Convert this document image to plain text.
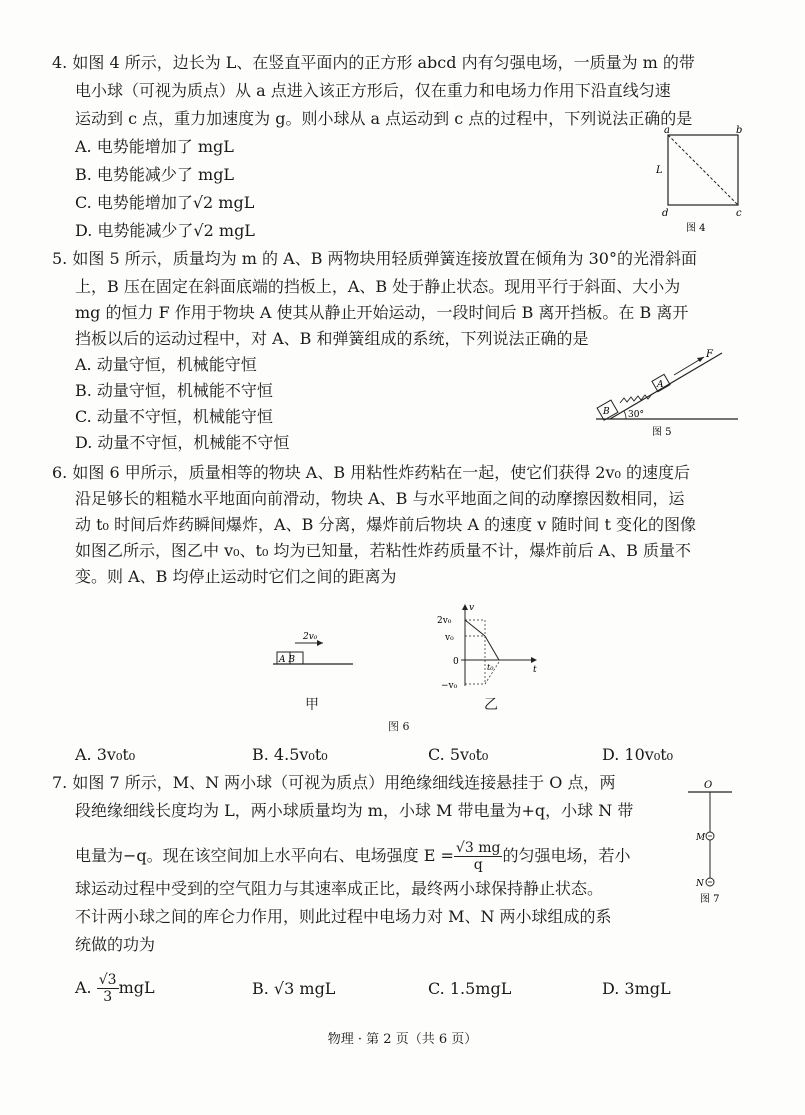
4. 如图 4 所示，边长为 L、在竖直平面内的正方形 abcd 内有匀强电场，一质量为 m 的带
电小球（可视为质点）从 a 点进入该正方形后，仅在重力和电场力作用下沿直线匀速
运动到 c 点，重力加速度为 g。则小球从 a 点运动到 c 点的过程中，下列说法正确的是
A. 电势能增加了 mgL
B. 电势能减少了 mgL
C. 电势能增加了√2 mgL
D. 电势能减少了√2 mgL
a	b
c
d
L
图 4
5. 如图 5 所示，质量均为 m 的 A、B 两物块用轻质弹簧连接放置在倾角为 30°的光滑斜面
上，B 压在固定在斜面底端的挡板上，A、B 处于静止状态。现用平行于斜面、大小为
mg 的恒力 F 作用于物块 A 使其从静止开始运动，一段时间后 B 离开挡板。在 B 离开
挡板以后的运动过程中，对 A、B 和弹簧组成的系统，下列说法正确的是
A. 动量守恒，机械能守恒
B. 动量守恒，机械能不守恒
C. 动量不守恒，机械能守恒
D. 动量不守恒，机械能不守恒
F
A
B 30°
图 5
6. 如图 6 甲所示，质量相等的物块 A、B 用粘性炸药粘在一起，使它们获得 2v₀ 的速度后
沿足够长的粗糙水平地面向前滑动，物块 A、B 与水平地面之间的动摩擦因数相同，运
动 t₀ 时间后炸药瞬间爆炸，A、B 分离，爆炸前后物块 A 的速度 v 随时间 t 变化的图像
如图乙所示，图乙中 v₀、t₀ 均为已知量，若粘性炸药质量不计，爆炸前后 A、B 质量不
变。则 A、B 均停止运动时它们之间的距离为
A B
2v₀
甲
v
t
2v₀
v₀
0
−v₀
t₀
乙
图 6
A. 3v₀t₀	B. 4.5v₀t₀	C. 5v₀t₀	D. 10v₀t₀
7. 如图 7 所示，M、N 两小球（可视为质点）用绝缘细线连接悬挂于 O 点，两
段绝缘细线长度均为 L，两小球质量均为 m，小球 M 带电量为+q，小球 N 带
电量为−q。现在该空间加上水平向右、电场强度 $E = \frac{√3 mg}{q}$ 的匀强电场，若小
球运动过程中受到的空气阻力与其速率成正比，最终两小球保持静止状态。
不计两小球之间的库仑力作用，则此过程中电场力对 M、N 两小球组成的系
统做的功为
O
M
N
图 7
A. $\frac{√3}{3}$ mgL	B. √3 mgL	C. 1.5mgL	D. 3mgL
物理 · 第 2 页（共 6 页）
